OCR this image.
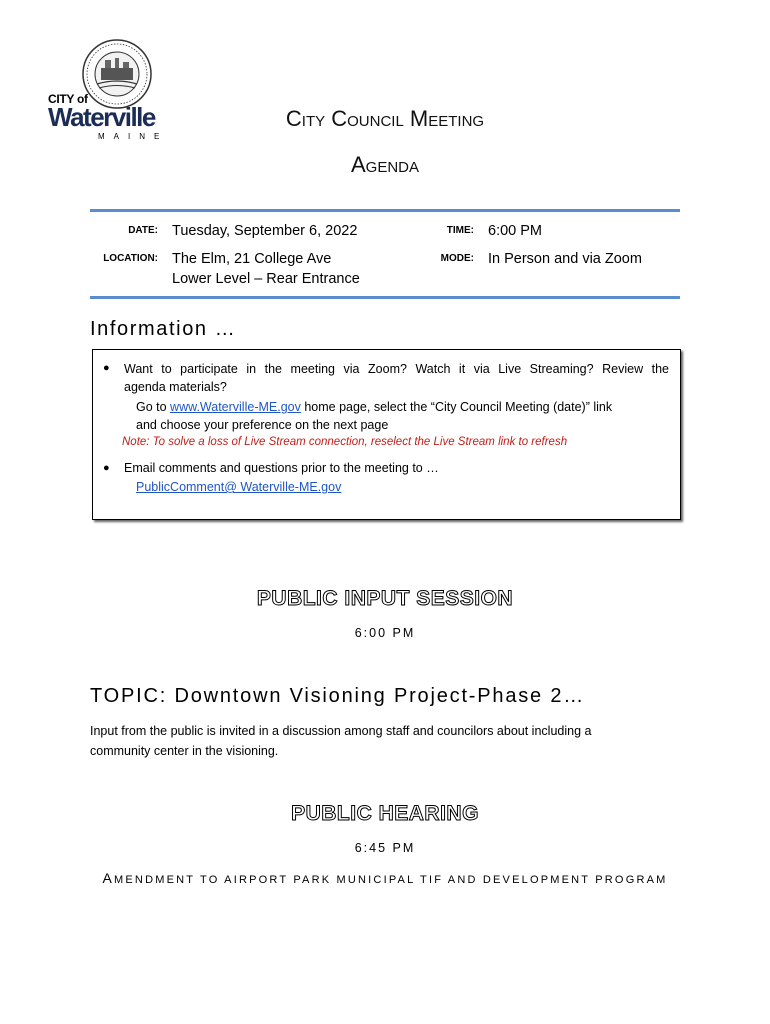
CITY of
Waterville
MAINE
City Council Meeting
Agenda
DATE: Tuesday, September 6, 2022	TIME: 6:00 PM
LOCATION: The Elm, 21 College Ave
Lower Level – Rear Entrance
MODE: In Person and via Zoom
Information …
● Want to participate in the meeting via Zoom? Watch it via Live Streaming? Review the
agenda materials?
Go to www.Waterville-ME.gov home page, select the “City Council Meeting (date)” link
and choose your preference on the next page
Note: To solve a loss of Live Stream connection, reselect the Live Stream link to refresh
● Email comments and questions prior to the meeting to …
PublicComment@ Waterville-ME.gov
PUBLIC INPUT SESSION
6:00 PM
TOPIC: Downtown Visioning Project-Phase 2…
Input from the public is invited in a discussion among staff and councilors about including a
community center in the visioning.
PUBLIC HEARING
6:45 PM
AMENDMENT TO AIRPORT PARK MUNICIPAL TIF AND DEVELOPMENT PROGRAM
